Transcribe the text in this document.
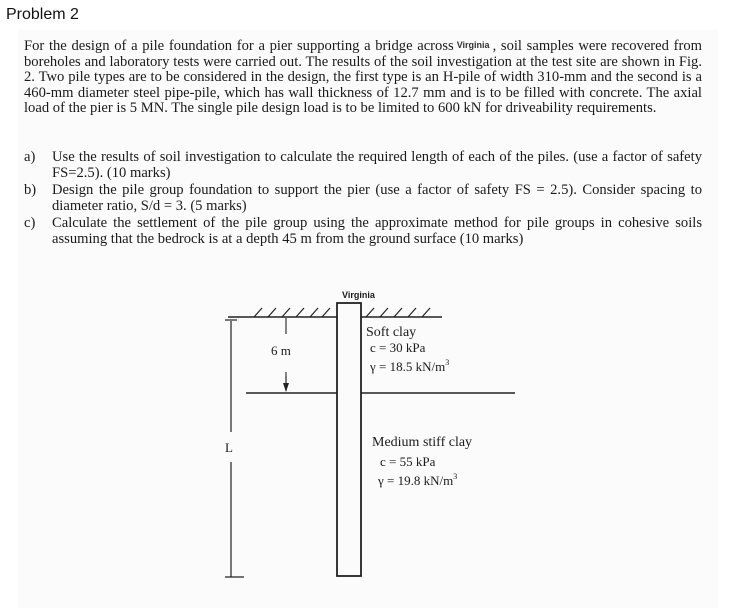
Problem 2
For the design of a pile foundation for a pier supporting a bridge across Virginia , soil samples were recovered from boreholes and laboratory tests were carried out. The results of the soil investigation at the test site are shown in Fig. 2. Two pile types are to be considered in the design, the first type is an H-pile of width 310-mm and the second is a 460-mm diameter steel pipe-pile, which has wall thickness of 12.7 mm and is to be filled with concrete. The axial load of the pier is 5 MN. The single pile design load is to be limited to 600 kN for driveability requirements.
a)	Use the results of soil investigation to calculate the required length of each of the piles. (use a factor of safety FS=2.5). (10 marks)
b)	Design the pile group foundation to support the pier (use a factor of safety FS = 2.5). Consider spacing to diameter ratio, S/d = 3. (5 marks)
c)	Calculate the settlement of the pile group using the approximate method for pile groups in cohesive soils assuming that the bedrock is at a depth 45 m from the ground surface (10 marks)
6 m
L
Virginia
Soft clay
c = 30 kPa
γ = 18.5 $kN/m^3$
Medium stiff clay
c = 55 kPa
γ = 19.8 $kN/m^3$
